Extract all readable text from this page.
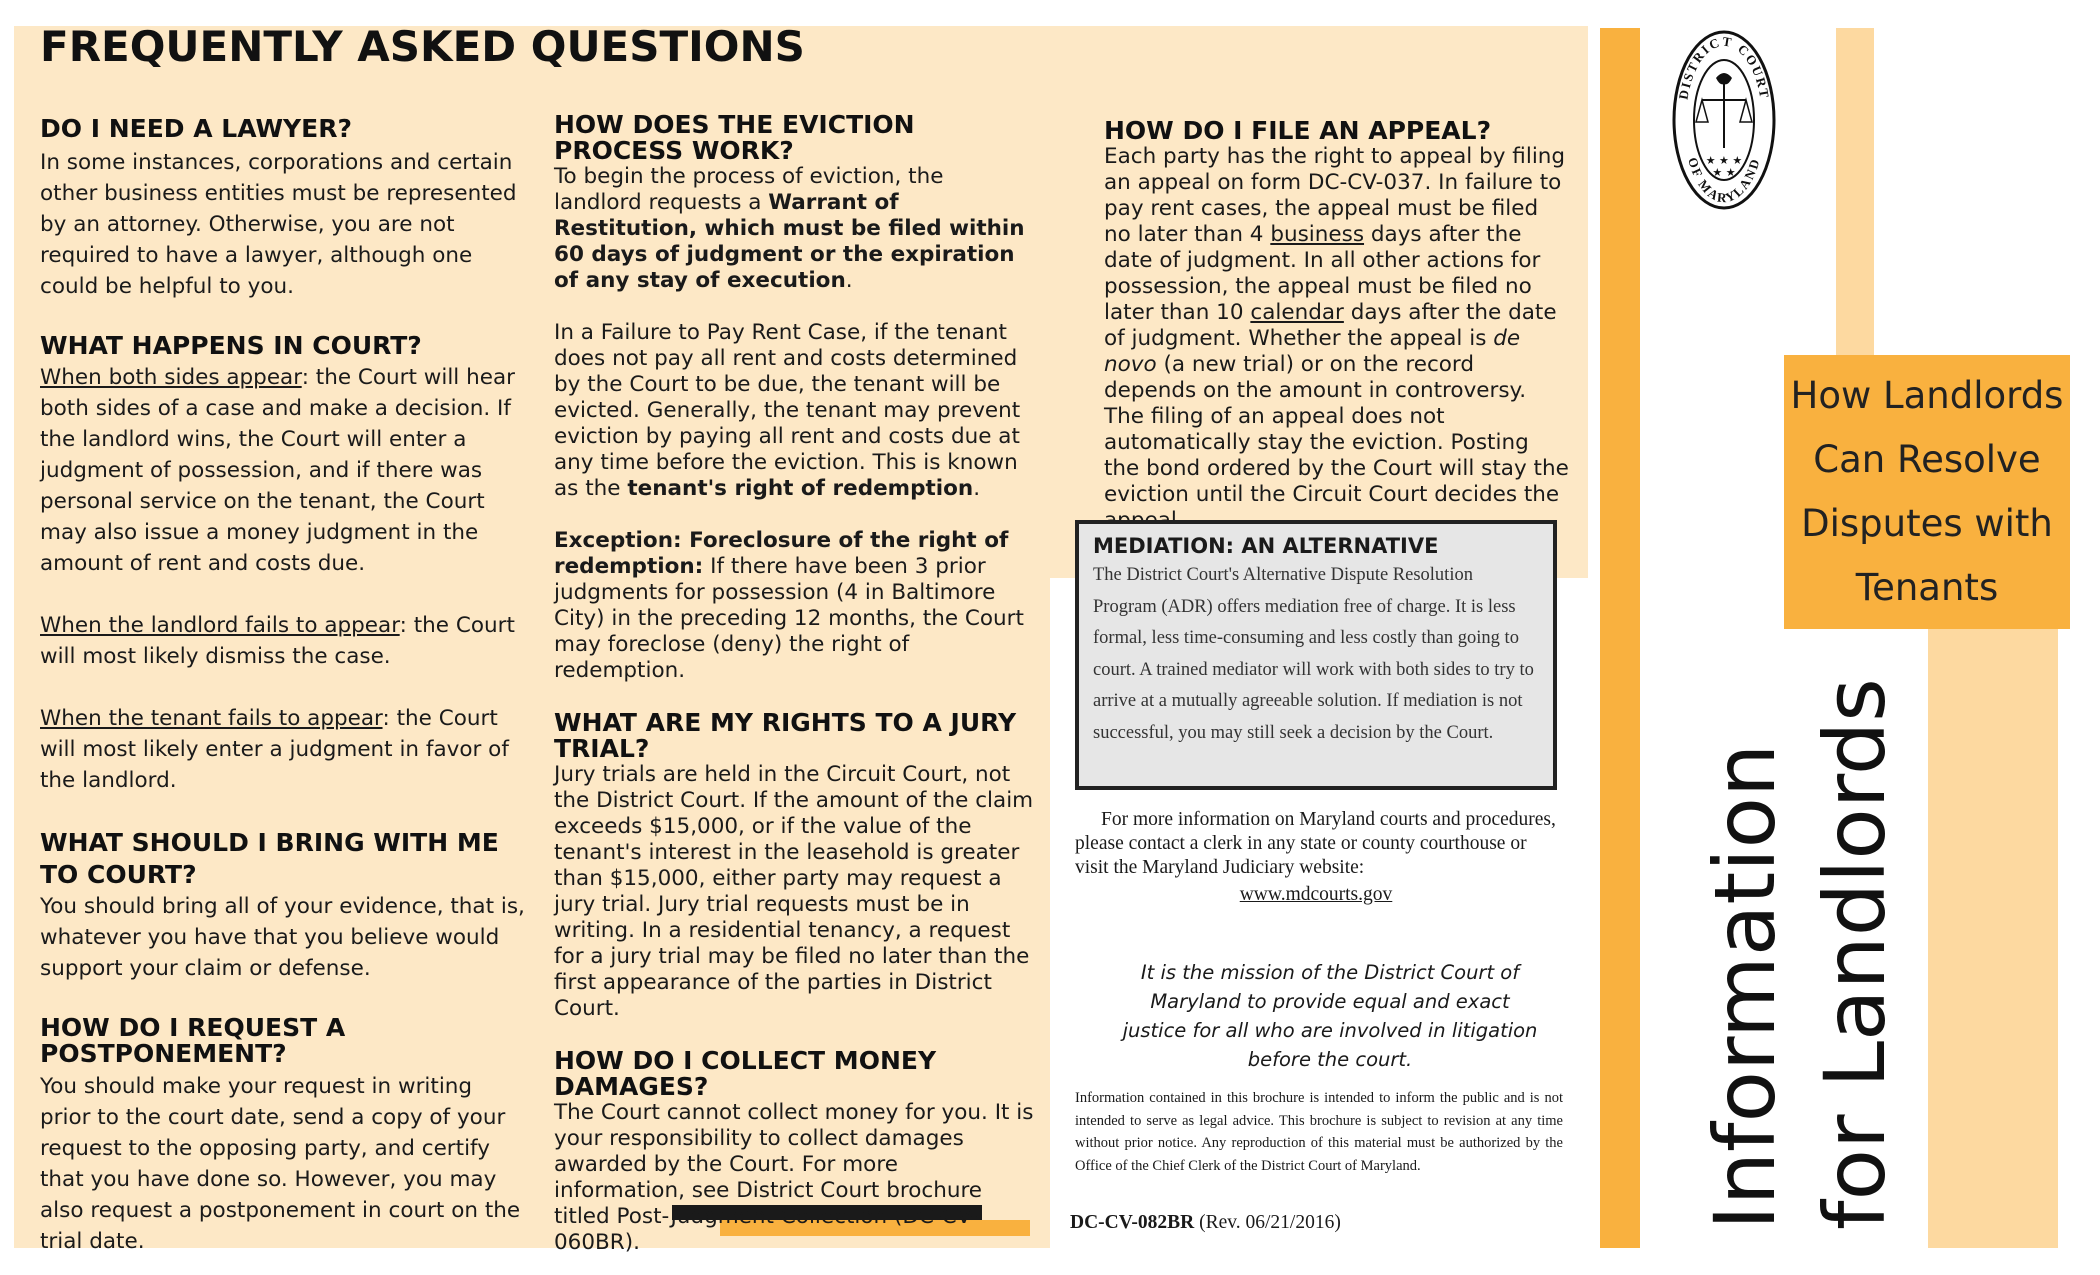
FREQUENTLY ASKED QUESTIONS
DO I NEED A LAWYER?

In some instances, corporations and certain other business entities must be represented by an attorney. Otherwise, you are not required to have a lawyer, although one could be helpful to you.

WHAT HAPPENS IN COURT?

When both sides appear: the Court will hear both sides of a case and make a decision. If the landlord wins, the Court will enter a judgment of possession, and if there was personal service on the tenant, the Court may also issue a money judgment in the amount of rent and costs due.

When the landlord fails to appear: the Court will most likely dismiss the case.

When the tenant fails to appear: the Court will most likely enter a judgment in favor of the landlord.

WHAT SHOULD I BRING WITH ME TO COURT?

You should bring all of your evidence, that is, whatever you have that you believe would support your claim or defense.

HOW DO I REQUEST A POSTPONEMENT?

You should make your request in writing prior to the court date, send a copy of your request to the opposing party, and certify that you have done so. However, you may also request a postponement in court on the trial date.

HOW DOES THE EVICTION PROCESS WORK?

To begin the process of eviction, the landlord requests a Warrant of Restitution, which must be filed within 60 days of judgment or the expiration of any stay of execution.

In a Failure to Pay Rent Case, if the tenant does not pay all rent and costs determined by the Court to be due, the tenant will be evicted. Generally, the tenant may prevent eviction by paying all rent and costs due at any time before the eviction. This is known as the tenant's right of redemption.

Exception: Foreclosure of the right of redemption: If there have been 3 prior judgments for possession (4 in Baltimore City) in the preceding 12 months, the Court may foreclose (deny) the right of redemption.

WHAT ARE MY RIGHTS TO A JURY TRIAL?

Jury trials are held in the Circuit Court, not the District Court. If the amount of the claim exceeds $15,000, or if the value of the tenant's interest in the leasehold is greater than $15,000, either party may request a jury trial. Jury trial requests must be in writing. In a residential tenancy, a request for a jury trial may be filed no later than the first appearance of the parties in District Court.

HOW DO I COLLECT MONEY DAMAGES?

The Court cannot collect money for you. It is your responsibility to collect damages awarded by the Court. For more information, see District Court brochure titled Post-Judgment Collection (DC-CV-060BR).

HOW DO I FILE AN APPEAL?

Each party has the right to appeal by filing an appeal on form DC-CV-037. In failure to pay rent cases, the appeal must be filed no later than 4 business days after the date of judgment. In all other actions for possession, the appeal must be filed no later than 10 calendar days after the date of judgment. Whether the appeal is de novo (a new trial) or on the record depends on the amount in controversy. The filing of an appeal does not automatically stay the eviction. Posting the bond ordered by the Court will stay the eviction until the Circuit Court decides the

MEDIATION: AN ALTERNATIVE

The District Court's Alternative Dispute Resolution Program (ADR) offers mediation free of charge. It is less formal, less time-consuming and less costly than going to court. A trained mediator will work with both sides to try to arrive at a mutually agreeable solution. If mediation is not successful, you may still seek a decision by the Court.

For more information on Maryland courts and procedures, please contact a clerk in any state or county courthouse or visit the Maryland Judiciary website:

www.mdcourts.gov

It is the mission of the District Court of Maryland to provide equal and exact justice for all who are involved in litigation before the court.

Information contained in this brochure is intended to inform the public and is not intended to serve as legal advice. This brochure is subject to revision at any time without prior notice. Any reproduction of this material must be authorized by the Office of the Chief Clerk of the District Court of Maryland.

DC-CV-082BR (Rev. 06/21/2016)
DISTRICT COURT
OF MARYLAND
★ ★ ★
★ ★
How Landlords
Can Resolve
Disputes with
Tenants
Information for Landlords
